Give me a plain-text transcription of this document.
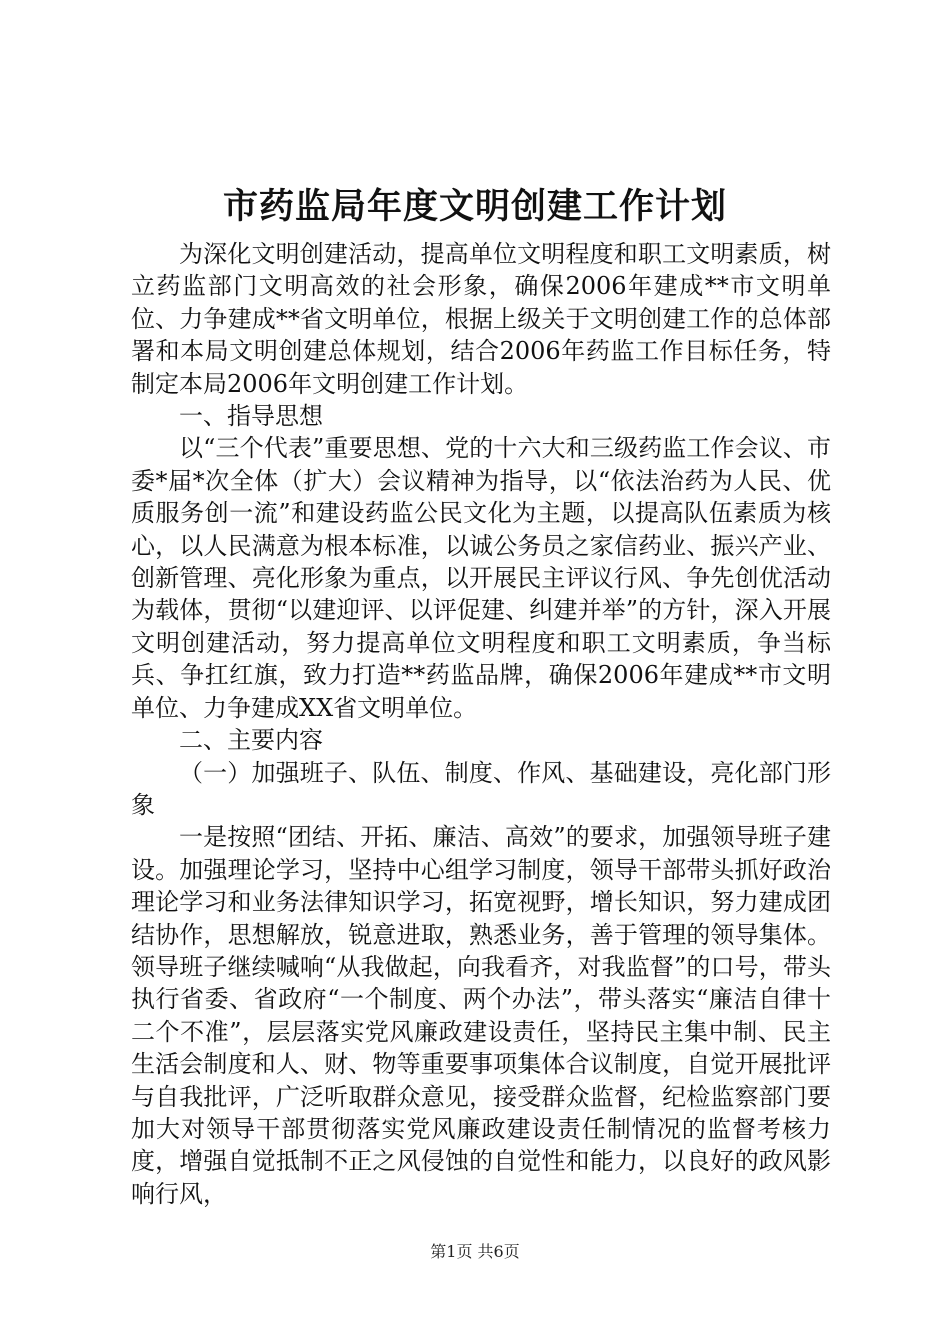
市药监局年度文明创建工作计划

为深化文明创建活动，提高单位文明程度和职工文明素质，树立药监部门文明高效的社会形象，确保2006年建成**市文明单位、力争建成**省文明单位，根据上级关于文明创建工作的总体部署和本局文明创建总体规划，结合2006年药监工作目标任务，特制定本局2006年文明创建工作计划。

一、指导思想

以“三个代表”重要思想、党的十六大和三级药监工作会议、市委*届*次全体（扩大）会议精神为指导，以“依法治药为人民、优质服务创一流”和建设药监公民文化为主题，以提高队伍素质为核心，以人民满意为根本标准，以诚公务员之家信药业、振兴产业、创新管理、亮化形象为重点，以开展民主评议行风、争先创优活动为载体，贯彻“以建迎评、以评促建、纠建并举”的方针，深入开展文明创建活动，努力提高单位文明程度和职工文明素质，争当标兵、争扛红旗，致力打造**药监品牌，确保2006年建成**市文明单位、力争建成XX省文明单位。

二、主要内容

（一）加强班子、队伍、制度、作风、基础建设，亮化部门形象

一是按照“团结、开拓、廉洁、高效”的要求，加强领导班子建设。加强理论学习，坚持中心组学习制度，领导干部带头抓好政治理论学习和业务法律知识学习，拓宽视野，增长知识，努力建成团结协作，思想解放，锐意进取，熟悉业务，善于管理的领导集体。领导班子继续喊响“从我做起，向我看齐，对我监督”的口号，带头执行省委、省政府“一个制度、两个办法”，带头落实“廉洁自律十二个不准”，层层落实党风廉政建设责任，坚持民主集中制、民主生活会制度和人、财、物等重要事项集体合议制度，自觉开展批评与自我批评，广泛听取群众意见，接受群众监督，纪检监察部门要加大对领导干部贯彻落实党风廉政建设责任制情况的监督考核力度，增强自觉抵制不正之风侵蚀的自觉性和能力，以良好的政风影响行风，

第1页 共6页
